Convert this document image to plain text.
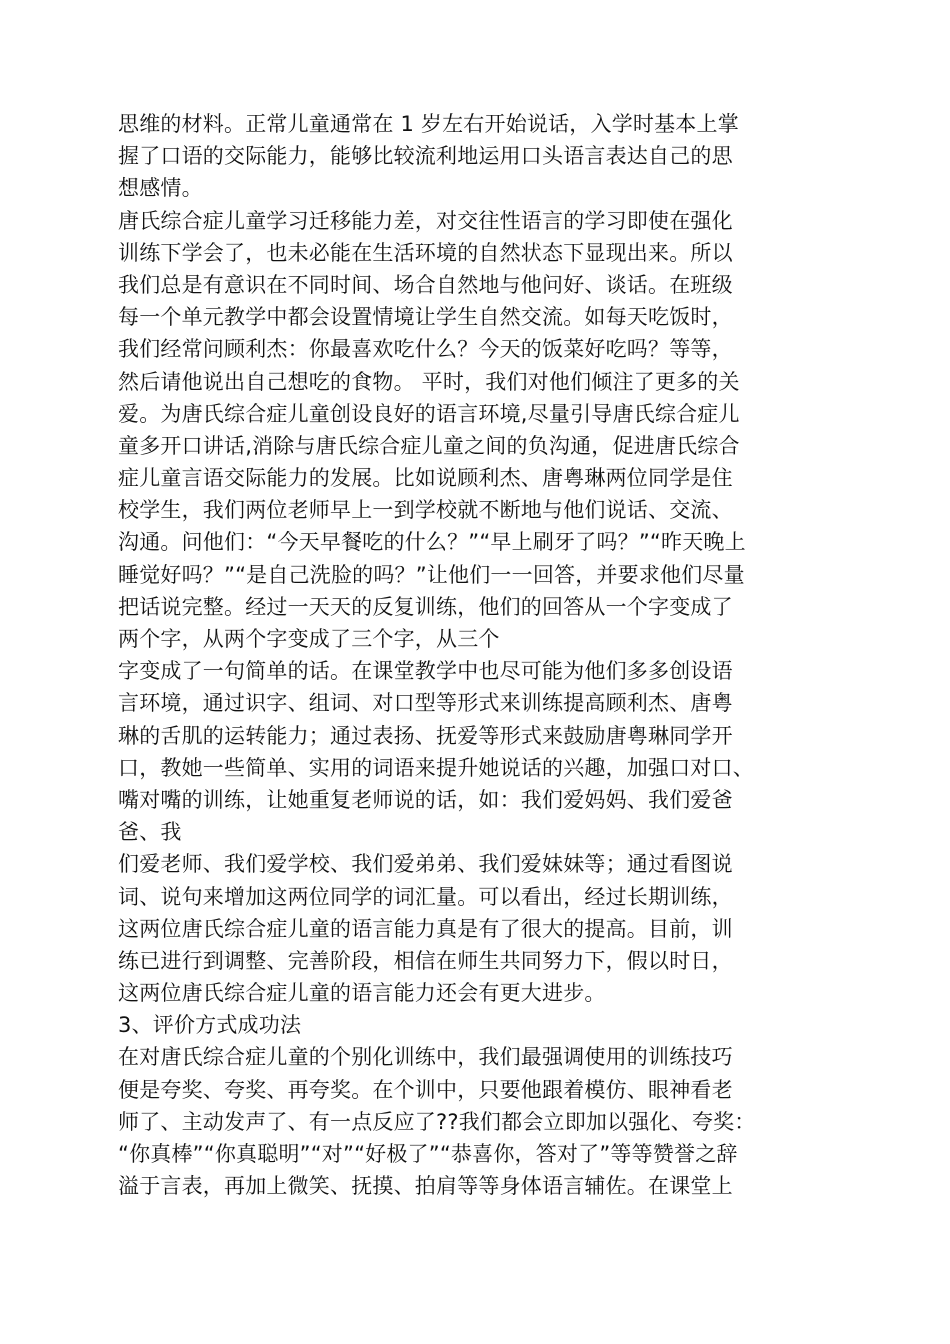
思维的材料。正常儿童通常在 1 岁左右开始说话，入学时基本上掌
握了口语的交际能力，能够比较流利地运用口头语言表达自己的思
想感情。
唐氏综合症儿童学习迁移能力差，对交往性语言的学习即使在强化
训练下学会了，也未必能在生活环境的自然状态下显现出来。所以
我们总是有意识在不同时间、场合自然地与他问好、谈话。在班级
每一个单元教学中都会设置情境让学生自然交流。如每天吃饭时，
我们经常问顾利杰：你最喜欢吃什么？今天的饭菜好吃吗？等等，
然后请他说出自己想吃的食物。 平时，我们对他们倾注了更多的关
爱。为唐氏综合症儿童创设良好的语言环境,尽量引导唐氏综合症儿
童多开口讲话,消除与唐氏综合症儿童之间的负沟通，促进唐氏综合
症儿童言语交际能力的发展。比如说顾利杰、唐粤琳两位同学是住
校学生，我们两位老师早上一到学校就不断地与他们说话、交流、
沟通。问他们：“今天早餐吃的什么？”“早上刷牙了吗？”“昨天晚上
睡觉好吗？”“是自己洗脸的吗？”让他们一一回答，并要求他们尽量
把话说完整。经过一天天的反复训练，他们的回答从一个字变成了
两个字，从两个字变成了三个字，从三个
字变成了一句简单的话。在课堂教学中也尽可能为他们多多创设语
言环境，通过识字、组词、对口型等形式来训练提高顾利杰、唐粤
琳的舌肌的运转能力；通过表扬、抚爱等形式来鼓励唐粤琳同学开
口，教她一些简单、实用的词语来提升她说话的兴趣，加强口对口、
嘴对嘴的训练，让她重复老师说的话，如：我们爱妈妈、我们爱爸
爸、我
们爱老师、我们爱学校、我们爱弟弟、我们爱妹妹等；通过看图说
词、说句来增加这两位同学的词汇量。可以看出，经过长期训练，
这两位唐氏综合症儿童的语言能力真是有了很大的提高。目前，训
练已进行到调整、完善阶段，相信在师生共同努力下，假以时日，
这两位唐氏综合症儿童的语言能力还会有更大进步。
3、评价方式成功法
在对唐氏综合症儿童的个别化训练中，我们最强调使用的训练技巧
便是夸奖、夸奖、再夸奖。在个训中，只要他跟着模仿、眼神看老
师了、主动发声了、有一点反应了??我们都会立即加以强化、夸奖：
“你真棒”“你真聪明”“对”“好极了”“恭喜你，答对了”等等赞誉之辞
溢于言表，再加上微笑、抚摸、拍肩等等身体语言辅佐。在课堂上
